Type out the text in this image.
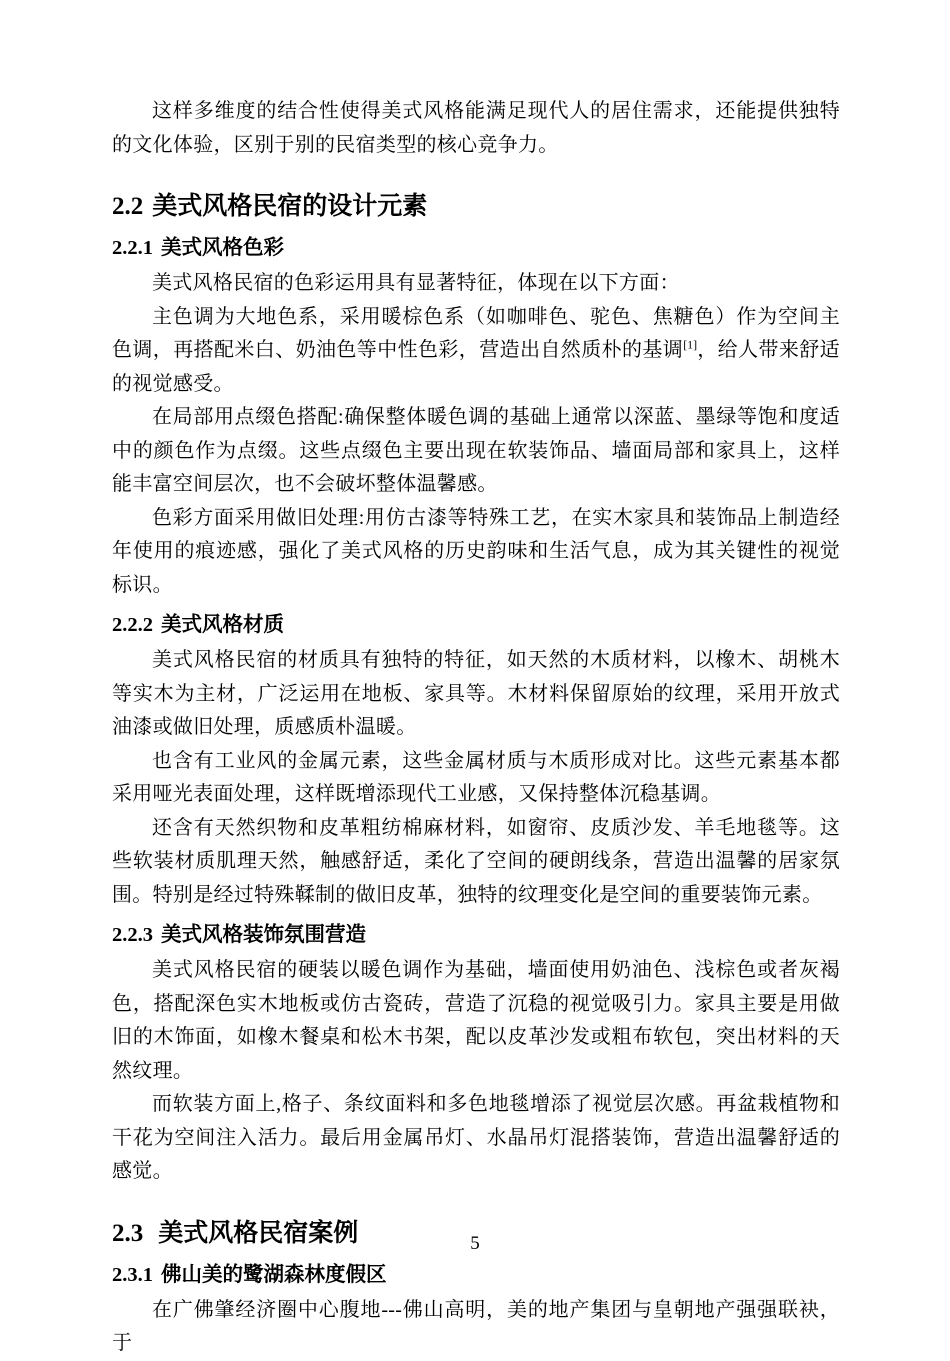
这样多维度的结合性使得美式风格能满足现代人的居住需求，还能提供独特的文化体验，区别于别的民宿类型的核心竞争力。

2.2 美式风格民宿的设计元素
2.2.1 美式风格色彩

美式风格民宿的色彩运用具有显著特征，体现在以下方面：

主色调为大地色系，采用暖棕色系（如咖啡色、驼色、焦糖色）作为空间主色调，再搭配米白、奶油色等中性色彩，营造出自然质朴的基调[1]，给人带来舒适的视觉感受。

在局部用点缀色搭配:确保整体暖色调的基础上通常以深蓝、墨绿等饱和度适中的颜色作为点缀。这些点缀色主要出现在软装饰品、墙面局部和家具上，这样能丰富空间层次，也不会破坏整体温馨感。

色彩方面采用做旧处理:用仿古漆等特殊工艺，在实木家具和装饰品上制造经年使用的痕迹感，强化了美式风格的历史韵味和生活气息，成为其关键性的视觉标识。

2.2.2 美式风格材质

美式风格民宿的材质具有独特的特征，如天然的木质材料，以橡木、胡桃木等实木为主材，广泛运用在地板、家具等。木材料保留原始的纹理，采用开放式油漆或做旧处理，质感质朴温暖。

也含有工业风的金属元素，这些金属材质与木质形成对比。这些元素基本都采用哑光表面处理，这样既增添现代工业感，又保持整体沉稳基调。

还含有天然织物和皮革粗纺棉麻材料，如窗帘、皮质沙发、羊毛地毯等。这些软装材质肌理天然，触感舒适，柔化了空间的硬朗线条，营造出温馨的居家氛围。特别是经过特殊鞣制的做旧皮革，独特的纹理变化是空间的重要装饰元素。

2.2.3 美式风格装饰氛围营造

美式风格民宿的硬装以暖色调作为基础，墙面使用奶油色、浅棕色或者灰褐色，搭配深色实木地板或仿古瓷砖，营造了沉稳的视觉吸引力。家具主要是用做旧的木饰面，如橡木餐桌和松木书架，配以皮革沙发或粗布软包，突出材料的天然纹理。

而软装方面上,格子、条纹面料和多色地毯增添了视觉层次感。再盆栽植物和干花为空间注入活力。最后用金属吊灯、水晶吊灯混搭装饰，营造出温馨舒适的感觉。

2.3 美式风格民宿案例
2.3.1 佛山美的鹭湖森林度假区

在广佛肇经济圈中心腹地---佛山高明，美的地产集团与皇朝地产强强联袂，于

5
